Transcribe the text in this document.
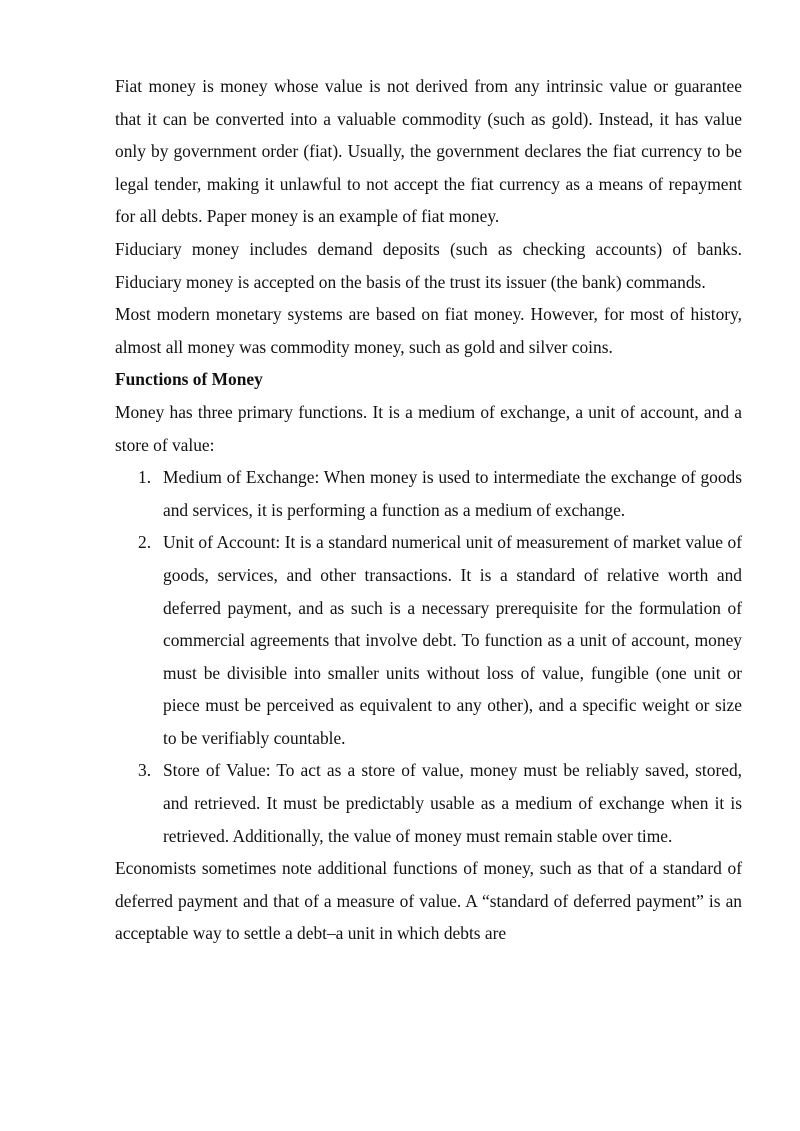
Fiat money is money whose value is not derived from any intrinsic value or guarantee that it can be converted into a valuable commodity (such as gold). Instead, it has value only by government order (fiat). Usually, the government declares the fiat currency to be legal tender, making it unlawful to not accept the fiat currency as a means of repayment for all debts. Paper money is an example of fiat money.

Fiduciary money includes demand deposits (such as checking accounts) of banks. Fiduciary money is accepted on the basis of the trust its issuer (the bank) commands.

Most modern monetary systems are based on fiat money. However, for most of history, almost all money was commodity money, such as gold and silver coins.

Functions of Money

Money has three primary functions. It is a medium of exchange, a unit of account, and a store of value:

1. Medium of Exchange: When money is used to intermediate the exchange of goods and services, it is performing a function as a medium of exchange.
2. Unit of Account: It is a standard numerical unit of measurement of market value of goods, services, and other transactions. It is a standard of relative worth and deferred payment, and as such is a necessary prerequisite for the formulation of commercial agreements that involve debt. To function as a unit of account, money must be divisible into smaller units without loss of value, fungible (one unit or piece must be perceived as equivalent to any other), and a specific weight or size to be verifiably countable.
3. Store of Value: To act as a store of value, money must be reliably saved, stored, and retrieved. It must be predictably usable as a medium of exchange when it is retrieved. Additionally, the value of money must remain stable over time.

Economists sometimes note additional functions of money, such as that of a standard of deferred payment and that of a measure of value. A “standard of deferred payment” is an acceptable way to settle a debt–a unit in which debts are
